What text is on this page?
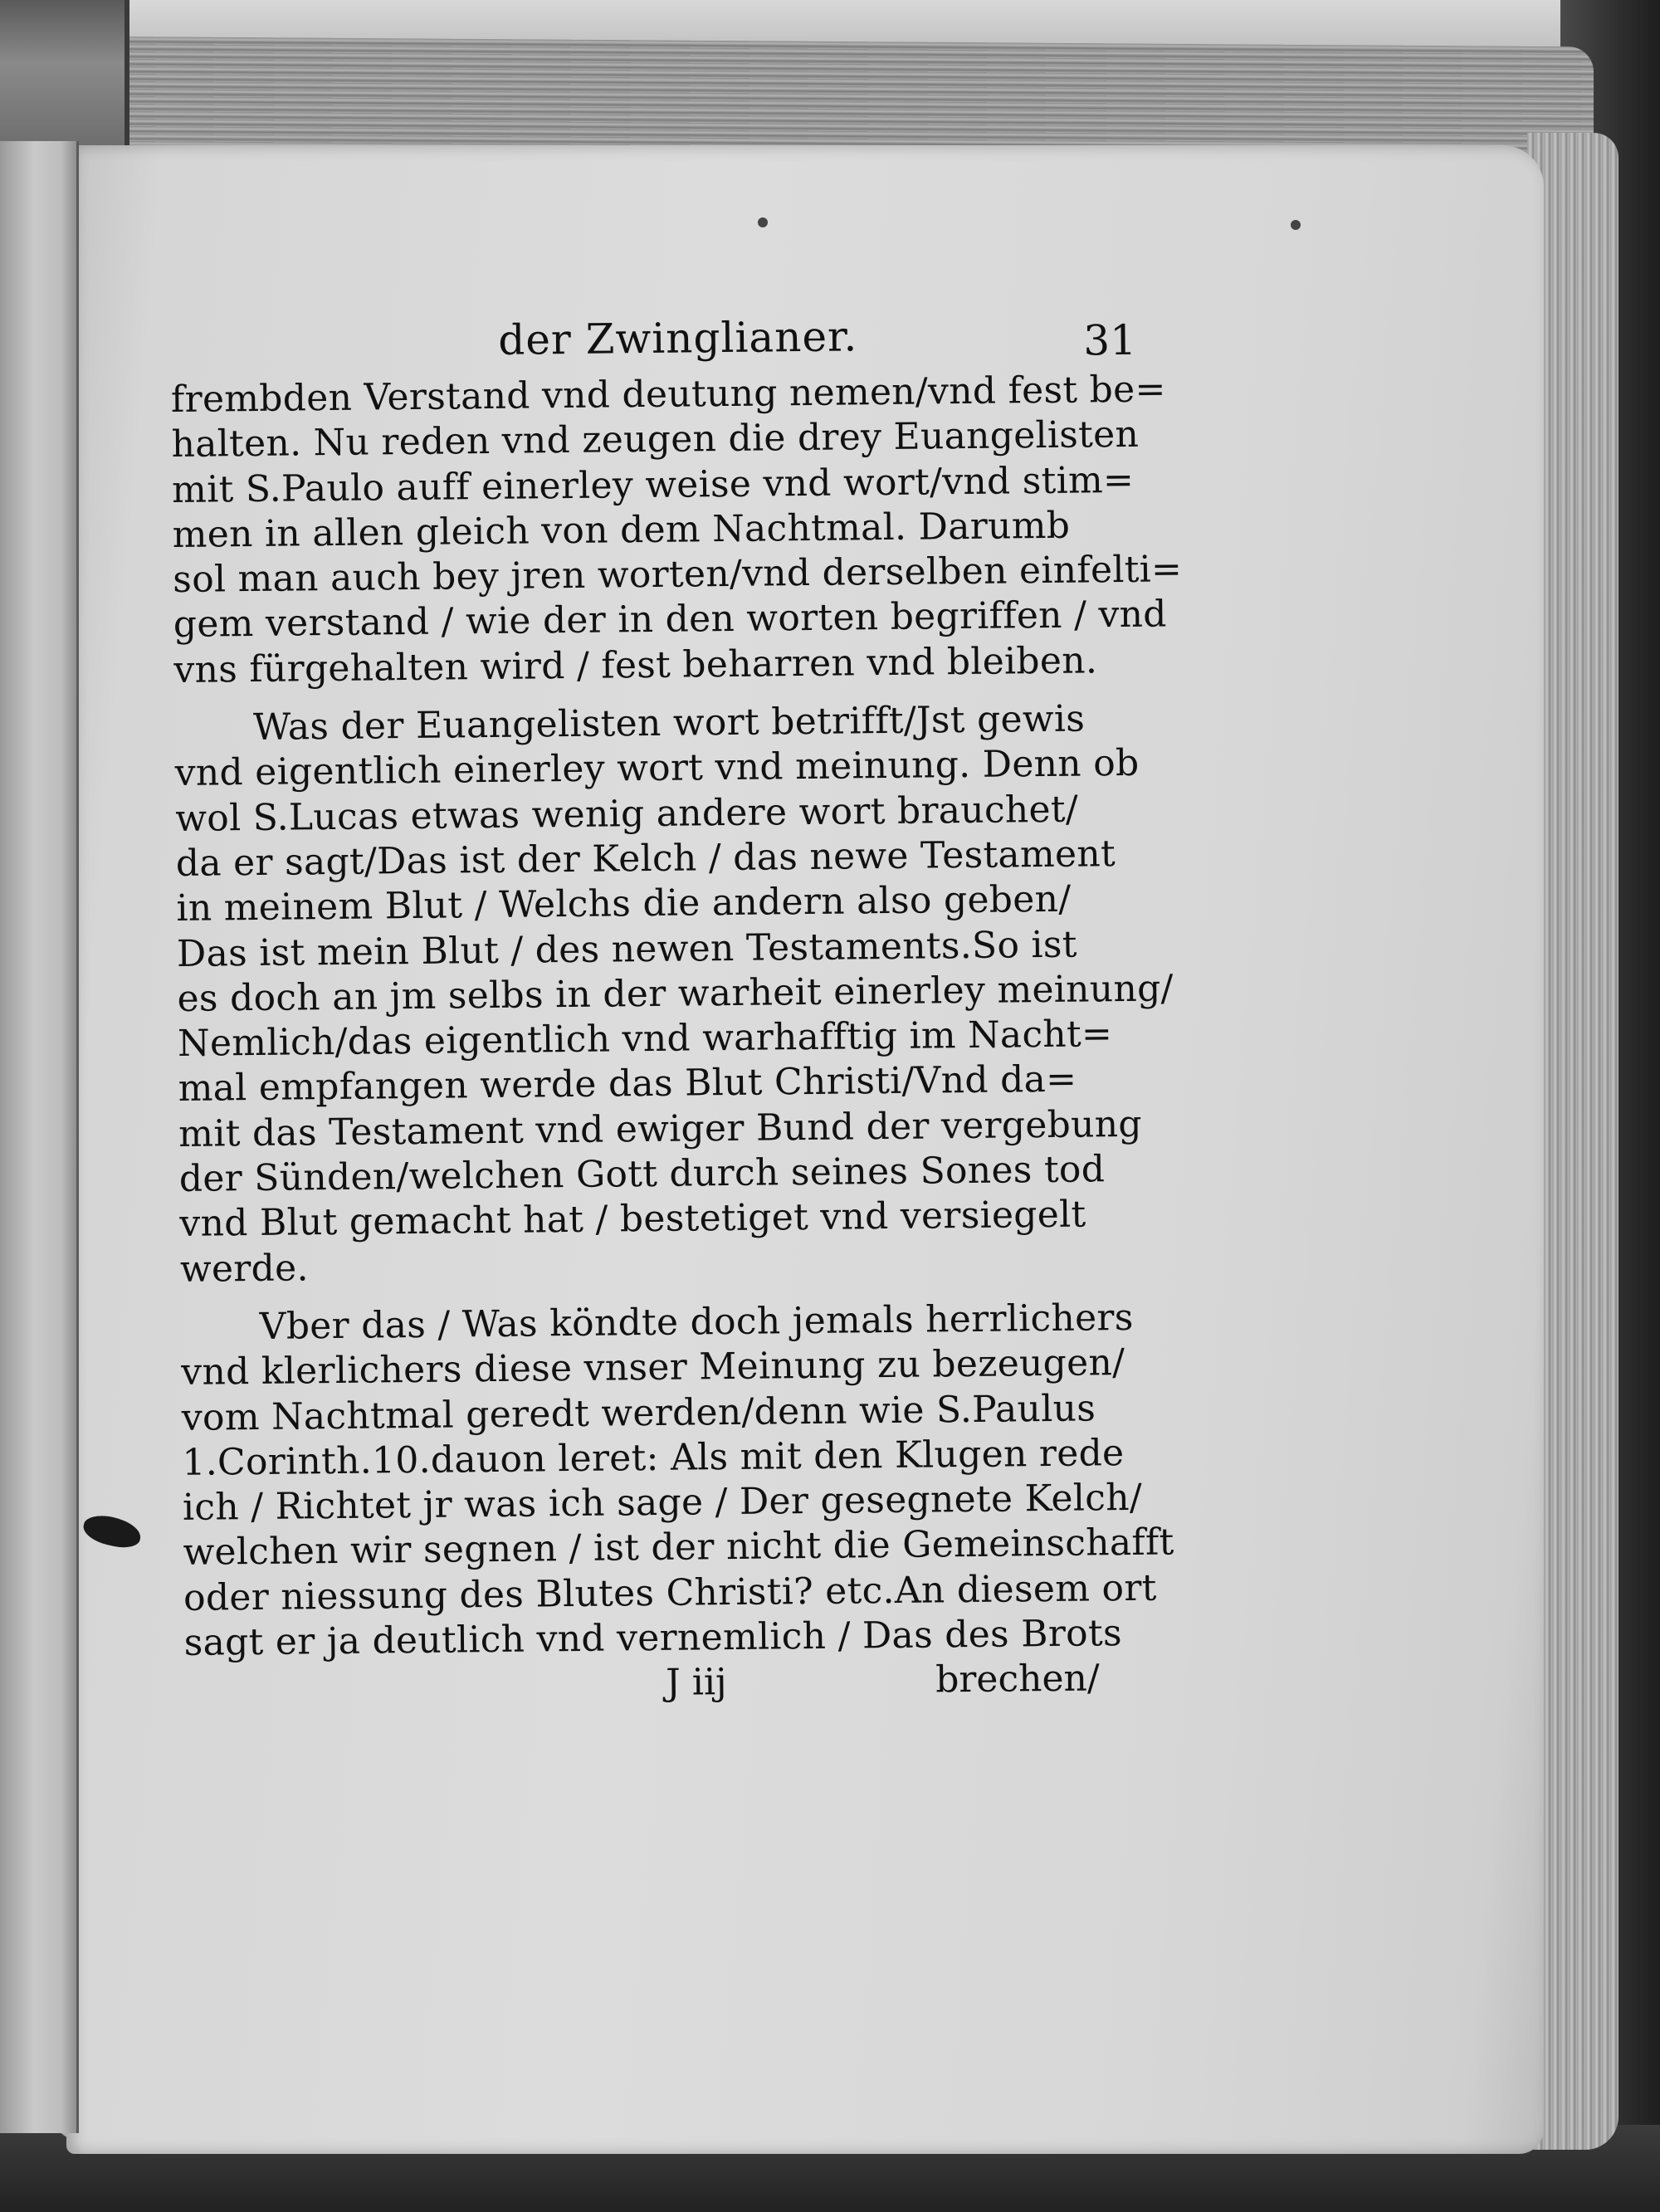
der Zwinglianer.	31
frembden Verstand vnd deutung nemen/vnd fest be=
halten. Nu reden vnd zeugen die drey Euangelisten
mit S.Paulo auff einerley weise vnd wort/vnd stim=
men in allen gleich von dem Nachtmal. Darumb
sol man auch bey jren worten/vnd derselben einfelti=
gem verstand / wie der in den worten begriffen / vnd
vns fürgehalten wird / fest beharren vnd bleiben.
Was der Euangelisten wort betrifft/Jst gewis
vnd eigentlich einerley wort vnd meinung. Denn ob
wol S.Lucas etwas wenig andere wort brauchet/
da er sagt/Das ist der Kelch / das newe Testament
in meinem Blut / Welchs die andern also geben/
Das ist mein Blut / des newen Testaments.So ist
es doch an jm selbs in der warheit einerley meinung/
Nemlich/das eigentlich vnd warhafftig im Nacht=
mal empfangen werde das Blut Christi/Vnd da=
mit das Testament vnd ewiger Bund der vergebung
der Sünden/welchen Gott durch seines Sones tod
vnd Blut gemacht hat / bestetiget vnd versiegelt
werde.
Vber das / Was köndte doch jemals herrlichers
vnd klerlichers diese vnser Meinung zu bezeugen/
vom Nachtmal geredt werden/denn wie S.Paulus
1.Corinth.10.dauon leret: Als mit den Klugen rede
ich / Richtet jr was ich sage / Der gesegnete Kelch/
welchen wir segnen / ist der nicht die Gemeinschafft
oder niessung des Blutes Christi? etc.An diesem ort
sagt er ja deutlich vnd vernemlich / Das des Brots
J iij	brechen/
